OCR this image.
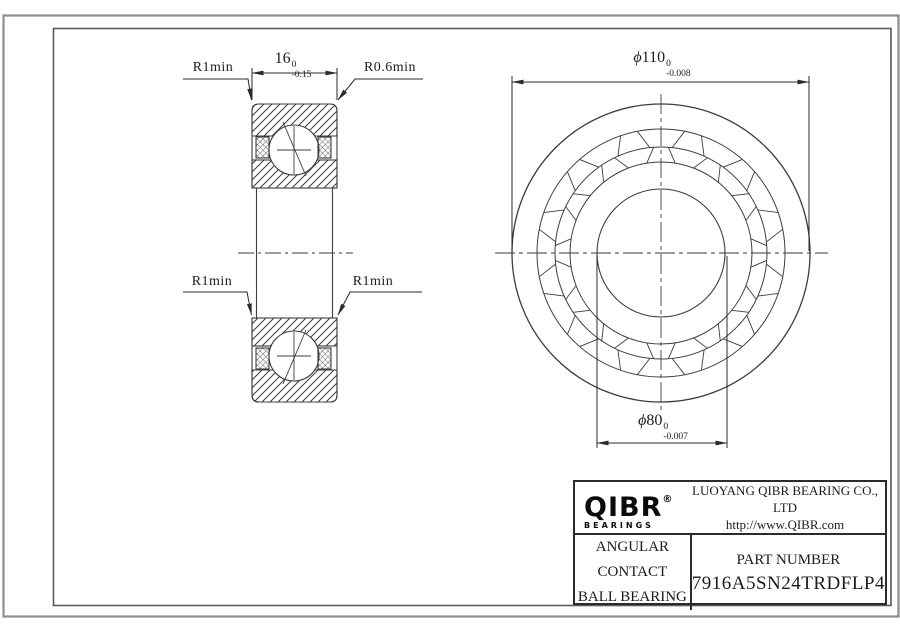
R1min	R0.6min
R1min	R1min
16 0
-0.15
ϕ110 0
-0.008
ϕ80 0
-0.007
QIBR®
BEARINGS
LUOYANG QIBR BEARING CO., LTD
http://www.QIBR.com
ANGULAR CONTACT
BALL BEARING
PART NUMBER
7916A5SN24TRDFLP4
